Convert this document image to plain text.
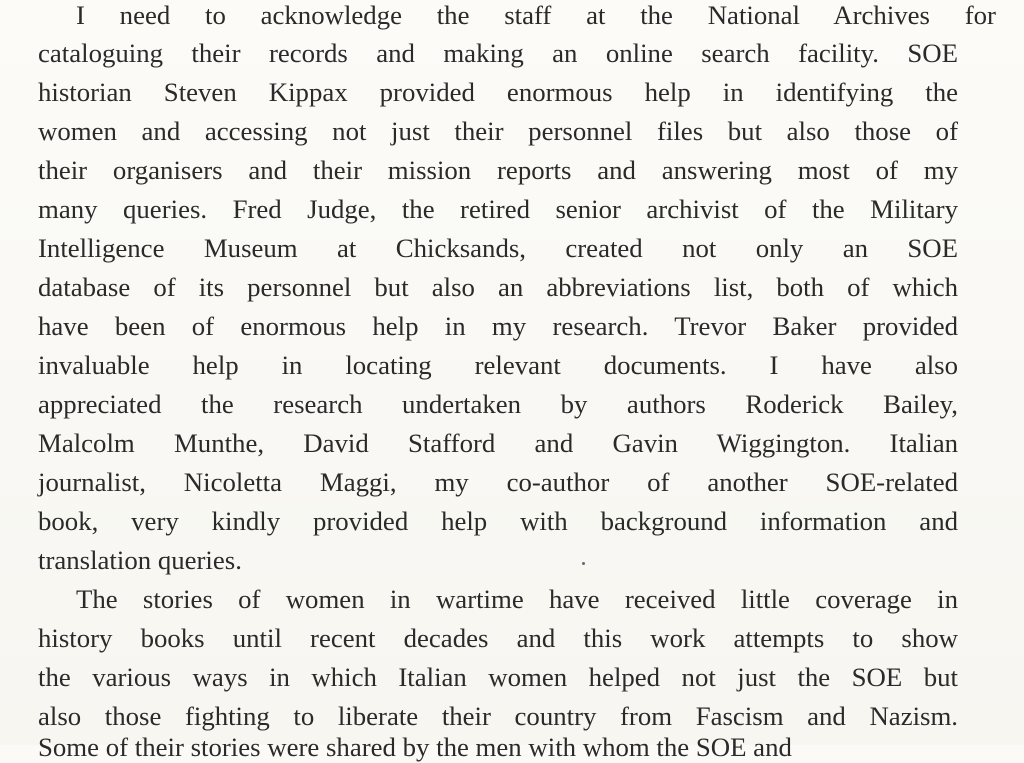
I need to acknowledge the staff at the National Archives for
cataloguing their records and making an online search facility. SOE
historian Steven Kippax provided enormous help in identifying the
women and accessing not just their personnel files but also those of
their organisers and their mission reports and answering most of my
many queries. Fred Judge, the retired senior archivist of the Military
Intelligence Museum at Chicksands, created not only an SOE
database of its personnel but also an abbreviations list, both of which
have been of enormous help in my research. Trevor Baker provided
invaluable help in locating relevant documents. I have also
appreciated the research undertaken by authors Roderick Bailey,
Malcolm Munthe, David Stafford and Gavin Wiggington. Italian
journalist, Nicoletta Maggi, my co-author of another SOE-related
book, very kindly provided help with background information and
translation queries.
The stories of women in wartime have received little coverage in
history books until recent decades and this work attempts to show
the various ways in which Italian women helped not just the SOE but
also those fighting to liberate their country from Fascism and Nazism.
Some of their stories were shared by the men with whom the SOE and
